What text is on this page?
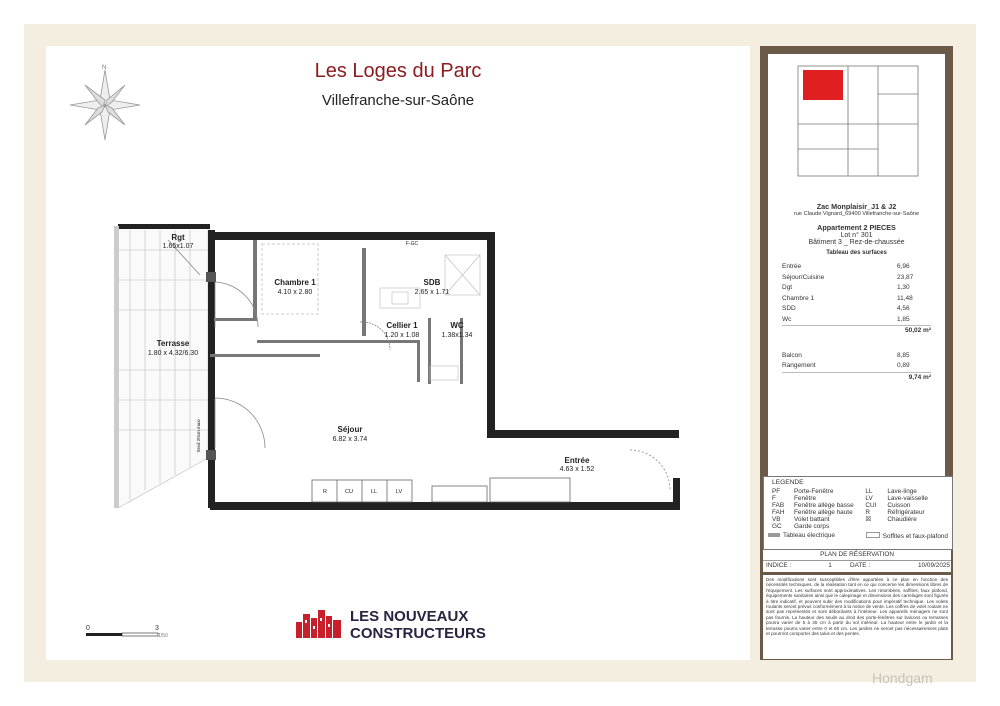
Les Loges du Parc
Villefranche-sur-Saône
N
Rgt
1.65x1.07
Chambre 1
4.10 x 2.80
SDB
2.65 x 1.71
Cellier 1
1.20 x 1.08
WC
1.38x1.34
Terrasse
1.80 x 4.32/6.30
Séjour
6.82 x 3.74
Entrée
4.63 x 1.52
F-GC
Seuil 20cm maxi
R	CU	LL	LV
0	3
1/50
LES NOUVEAUX
CONSTRUCTEURS
Zac Monplaisir_J1 & J2
rue Claude Vignard_69400 Villefranche-sur-Saône
Appartement 2 PIECES
Lot n° 301
Bâtiment 3 _ Rez-de-chaussée
Tableau des surfaces
Entrée	6,96
Séjour/Cuisine	23,87
Dgt	1,30
Chambre 1	11,48
SDD	4,56
Wc	1,85
50,02 m²
Balcon	8,85
Rangement	0,89
9,74 m²
LEGENDE
PF	Porte-Fenêtre
F	Fenêtre
FAB	Fenêtre allège basse
FAH	Fenêtre allège haute
VB	Volet battant
GC	Garde corps
LL	Lave-linge
LV	Lave-vaisselle
CUI	Cuisson
R	Réfrigérateur
☒	Chaudière
Tableau électrique	Soffites et faux-plafond
PLAN DE RÉSERVATION
INDICE :	1	DATE :	10/09/2025
Des modifications sont susceptibles d'être apportées à ce plan en fonction des nécessités techniques, de la réalisation tant en ce qui concerne les dimensions libres de l'équipement. Les surfaces sont approximatives. Les retombées, soffites, faux plafond, équipements sanitaires ainsi que le calepinage et dimensions des carrelages sont figurés à titre indicatif, et peuvent subir des modifications pour impératif technique. Les volets roulants seront prévus conformément à la notice de vente. Les coffres de volet roulant ne sont pas représentés et sont débordants à l'intérieur. Les appareils ménagers ne sont pas fournis. La hauteur des seuils au droit des porte-fenêtres sur balcons ou terrasses pourra varier de 5 à 35 cm à partir du sol intérieur. La hauteur entre le jardin et la terrasse pourra varier entre 0 et 60 cm. Les jardins ne seront pas nécessairement plats et pourront comporter des talus et des pentes.
Hondgam
